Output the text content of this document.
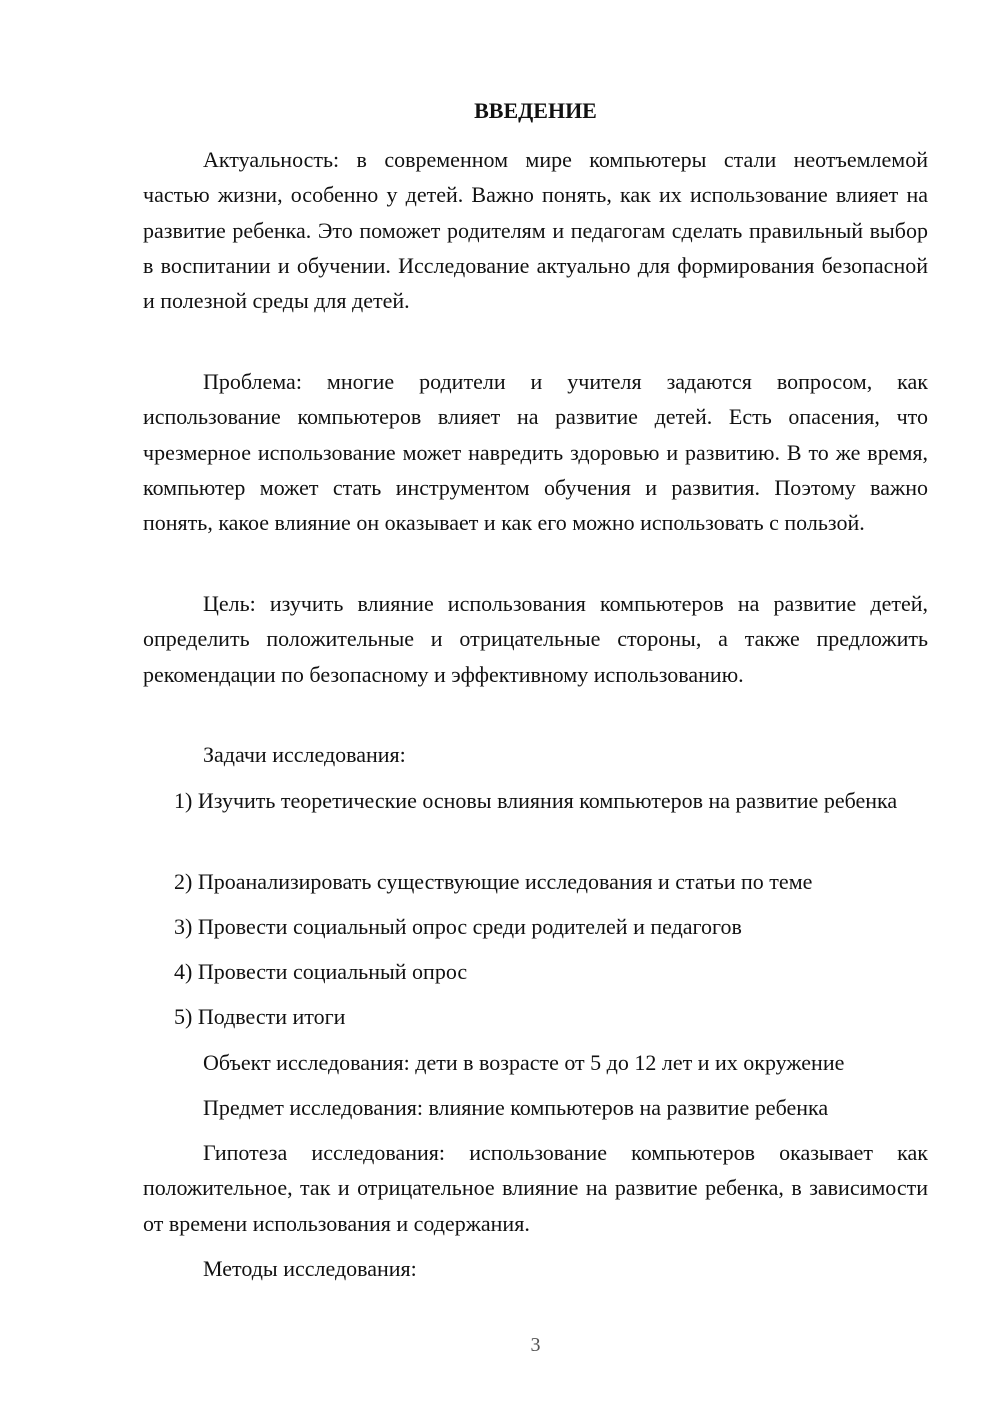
ВВЕДЕНИЕ

Актуальность: в современном мире компьютеры стали неотъемлемой частью жизни, особенно у детей. Важно понять, как их использование влияет на развитие ребенка. Это поможет родителям и педагогам сделать правильный выбор в воспитании и обучении. Исследование актуально для формирования безопасной и полезной среды для детей.

Проблема: многие родители и учителя задаются вопросом, как использование компьютеров влияет на развитие детей. Есть опасения, что чрезмерное использование может навредить здоровью и развитию. В то же время, компьютер может стать инструментом обучения и развития. Поэтому важно понять, какое влияние он оказывает и как его можно использовать с пользой.

Цель: изучить влияние использования компьютеров на развитие детей, определить положительные и отрицательные стороны, а также предложить рекомендации по безопасному и эффективному использованию.

Задачи исследования:

1) Изучить теоретические основы влияния компьютеров на развитие ребенка

2) Проанализировать существующие исследования и статьи по теме

3) Провести социальный опрос среди родителей и педагогов

4) Провести социальный опрос

5) Подвести итоги

Объект исследования: дети в возрасте от 5 до 12 лет и их окружение

Предмет исследования: влияние компьютеров на развитие ребенка

Гипотеза исследования: использование компьютеров оказывает как положительное, так и отрицательное влияние на развитие ребенка, в зависимости от времени использования и содержания.

Методы исследования:

3
